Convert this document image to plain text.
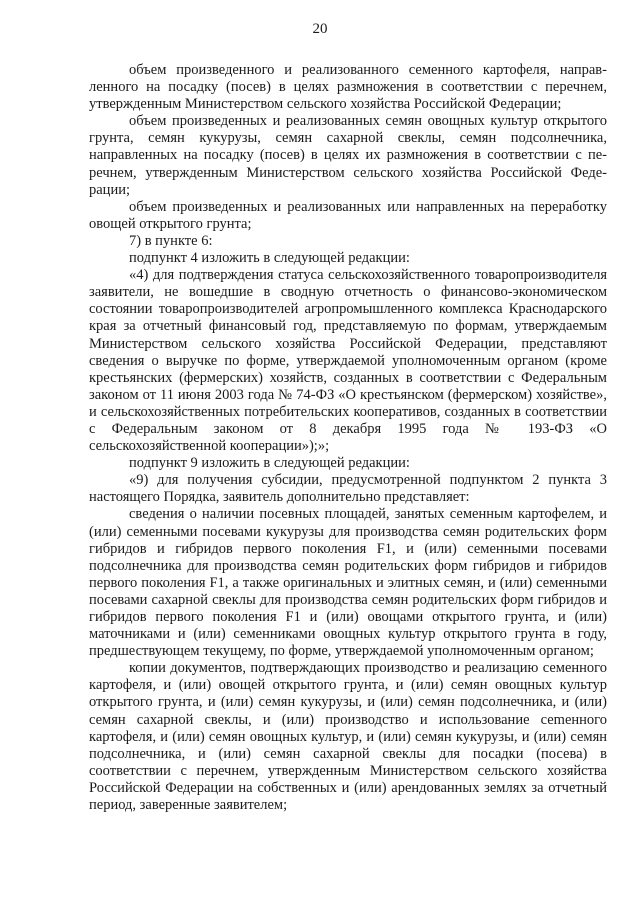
20

объем произведенного и реализованного семенного картофеля, направленного на посадку (посев) в целях размножения в соответствии с перечнем, утвержденным Министерством сельского хозяйства Российской Федерации;

объем произведенных и реализованных семян овощных культур открытого грунта, семян кукурузы, семян сахарной свеклы, семян подсолнечника, направленных на посадку (посев) в целях их размножения в соответствии с перечнем, утвержденным Министерством сельского хозяйства Российской Федерации;

объем произведенных и реализованных или направленных на переработку овощей открытого грунта;

7) в пункте 6:

подпункт 4 изложить в следующей редакции:

«4) для подтверждения статуса сельскохозяйственного товаропроизводителя заявители, не вошедшие в сводную отчетность о финансово-экономическом состоянии товаропроизводителей агропромышленного комплекса Краснодарского края за отчетный финансовый год, представляемую по формам, утверждаемым Министерством сельского хозяйства Российской Федерации, представляют сведения о выручке по форме, утверждаемой уполномоченным органом (кроме крестьянских (фермерских) хозяйств, созданных в соответствии с Федеральным законом от 11 июня 2003 года № 74-ФЗ «О крестьянском (фермерском) хозяйстве», и сельскохозяйственных потребительских кооперативов, созданных в соответствии с Федеральным законом от 8 декабря 1995 года № 193-ФЗ «О сельскохозяйственной кооперации»);»;

подпункт 9 изложить в следующей редакции:

«9) для получения субсидии, предусмотренной подпунктом 2 пункта 3 настоящего Порядка, заявитель дополнительно представляет:

сведения о наличии посевных площадей, занятых семенным картофелем, и (или) семенными посевами кукурузы для производства семян родительских форм гибридов и гибридов первого поколения F1, и (или) семенными посевами подсолнечника для производства семян родительских форм гибридов и гибридов первого поколения F1, а также оригинальных и элитных семян, и (или) семенными посевами сахарной свеклы для производства семян родительских форм гибридов и гибридов первого поколения F1 и (или) овощами открытого грунта, и (или) маточниками и (или) семенниками овощных культур открытого грунта в году, предшествующем текущему, по форме, утверждаемой уполномоченным органом;

копии документов, подтверждающих производство и реализацию семенного картофеля, и (или) овощей открытого грунта, и (или) семян овощных культур открытого грунта, и (или) семян кукурузы, и (или) семян подсолнечника, и (или) семян сахарной свеклы, и (или) производство и использование сеmенного картофеля, и (или) семян овощных культур, и (или) семян кукурузы, и (или) семян подсолнечника, и (или) семян сахарной свеклы для посадки (посева) в соответствии с перечнем, утвержденным Министерством сельского хозяйства Российской Федерации на собственных и (или) арендованных землях за отчетный период, заверенные заявителем;
